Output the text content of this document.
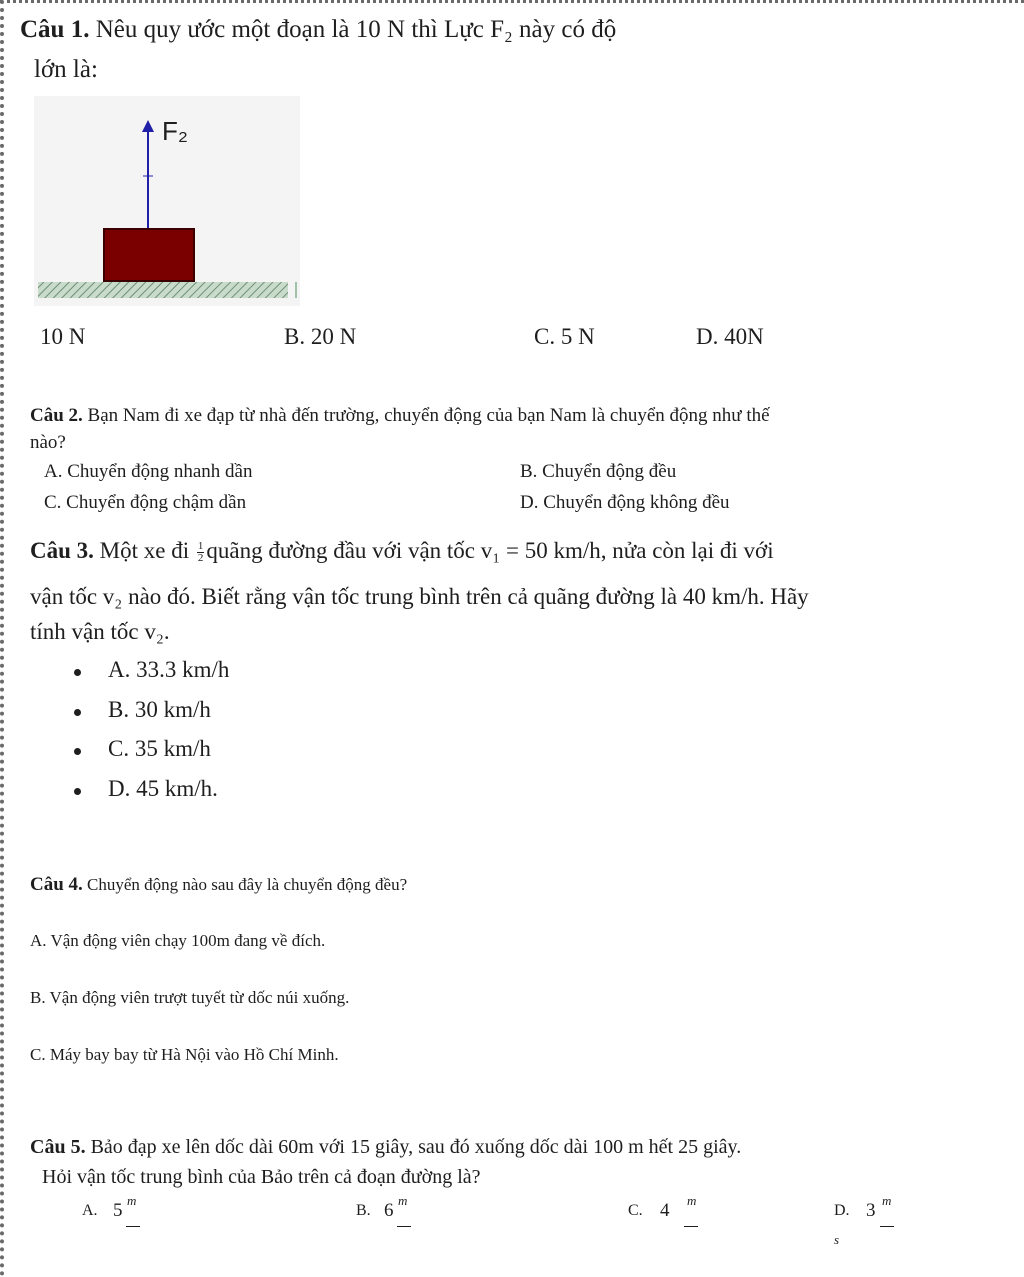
Câu 1. Nêu quy ước một đoạn là 10 N thì Lực F₂ này có độ
lớn là:
F₂
10 N	B. 20 N	C. 5 N	D. 40N
Câu 2. Bạn Nam đi xe đạp từ nhà đến trường, chuyển động của bạn Nam là chuyển động như thế
nào?
A. Chuyển động nhanh dần	B. Chuyển động đều
C. Chuyển động chậm dần	D. Chuyển động không đều
Câu 3. Một xe đi $\frac{1}{2}$ quãng đường đầu với vận tốc v₁ = 50 km/h, nửa còn lại đi với
vận tốc v₂ nào đó. Biết rằng vận tốc trung bình trên cả quãng đường là 40 km/h. Hãy
tính vận tốc v₂.
A. 33.3 km/h
B. 30 km/h
C. 35 km/h
D. 45 km/h.
Câu 4. Chuyển động nào sau đây là chuyển động đều?
A. Vận động viên chạy 100m đang về đích.
B. Vận động viên trượt tuyết từ dốc núi xuống.
C. Máy bay bay từ Hà Nội vào Hồ Chí Minh.
Câu 5. Bảo đạp xe lên dốc dài 60m với 15 giây, sau đó xuống dốc dài 100 m hết 25 giây.
Hỏi vận tốc trung bình của Bảo trên cả đoạn đường là?
A. 5 m
B. 6 m
C. 4 m
D. 3 m
s
